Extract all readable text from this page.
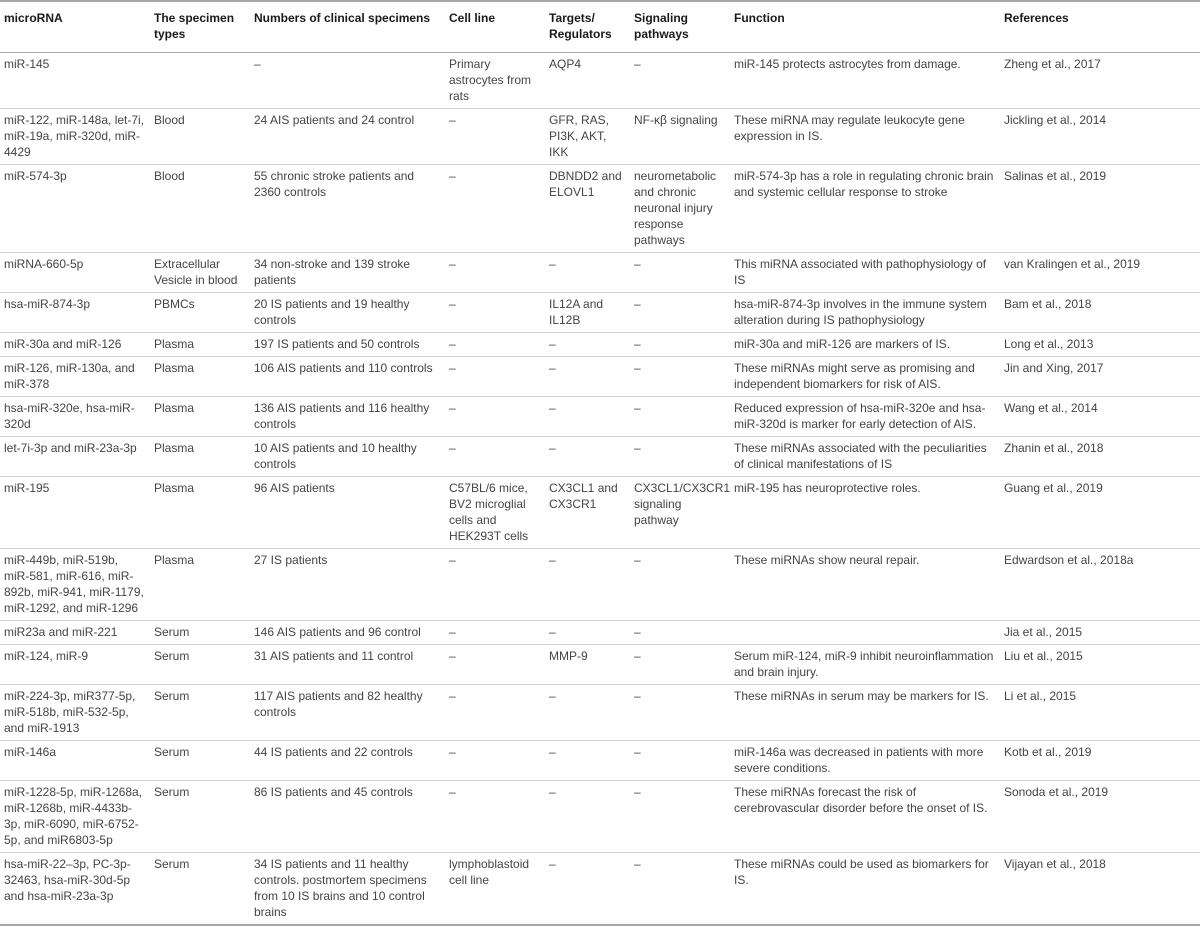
microRNA	The specimen types	Numbers of clinical specimens	Cell line	Targets/ Regulators	Signaling pathways	Function	References
miR-145		–	Primary astrocytes from rats	AQP4	–	miR-145 protects astrocytes from damage.	Zheng et al., 2017
miR-122, miR-148a, let-7i, miR-19a, miR-320d, miR-4429	Blood	24 AIS patients and 24 control	–	GFR, RAS, PI3K, AKT, IKK	NF-κβ signaling	These miRNA may regulate leukocyte gene expression in IS.	Jickling et al., 2014
miR-574-3p	Blood	55 chronic stroke patients and 2360 controls	–	DBNDD2 and ELOVL1	neurometabolic and chronic neuronal injury response pathways	miR-574-3p has a role in regulating chronic brain and systemic cellular response to stroke	Salinas et al., 2019
miRNA-660-5p	Extracellular Vesicle in blood	34 non-stroke and 139 stroke patients	–	–	–	This miRNA associated with pathophysiology of IS	van Kralingen et al., 2019
hsa-miR-874-3p	PBMCs	20 IS patients and 19 healthy controls	–	IL12A and IL12B	–	hsa-miR-874-3p involves in the immune system alteration during IS pathophysiology	Bam et al., 2018
miR-30a and miR-126	Plasma	197 IS patients and 50 controls	–	–	–	miR-30a and miR-126 are markers of IS.	Long et al., 2013
miR-126, miR-130a, and miR-378	Plasma	106 AIS patients and 110 controls	–	–	–	These miRNAs might serve as promising and independent biomarkers for risk of AIS.	Jin and Xing, 2017
hsa-miR-320e, hsa-miR-320d	Plasma	136 AIS patients and 116 healthy controls	–	–	–	Reduced expression of hsa-miR-320e and hsa-miR-320d is marker for early detection of AIS.	Wang et al., 2014
let-7i-3p and miR-23a-3p	Plasma	10 AIS patients and 10 healthy controls	–	–	–	These miRNAs associated with the peculiarities of clinical manifestations of IS	Zhanin et al., 2018
miR-195	Plasma	96 AIS patients	C57BL/6 mice, BV2 microglial cells and HEK293T cells	CX3CL1 and CX3CR1	CX3CL1/CX3CR1 signaling pathway	miR-195 has neuroprotective roles.	Guang et al., 2019
miR-449b, miR-519b, miR-581, miR-616, miR-892b, miR-941, miR-1179, miR-1292, and miR-1296	Plasma	27 IS patients	–	–	–	These miRNAs show neural repair.	Edwardson et al., 2018a
miR23a and miR-221	Serum	146 AIS patients and 96 control	–	–	–		Jia et al., 2015
miR-124, miR-9	Serum	31 AIS patients and 11 control	–	MMP-9	–	Serum miR-124, miR-9 inhibit neuroinflammation and brain injury.	Liu et al., 2015
miR-224-3p, miR377-5p, miR-518b, miR-532-5p, and miR-1913	Serum	117 AIS patients and 82 healthy controls	–	–	–	These miRNAs in serum may be markers for IS.	Li et al., 2015
miR-146a	Serum	44 IS patients and 22 controls	–	–	–	miR-146a was decreased in patients with more severe conditions.	Kotb et al., 2019
miR-1228-5p, miR-1268a, miR-1268b, miR-4433b-3p, miR-6090, miR-6752-5p, and miR6803-5p	Serum	86 IS patients and 45 controls	–	–	–	These miRNAs forecast the risk of cerebrovascular disorder before the onset of IS.	Sonoda et al., 2019
hsa-miR-22–3p, PC-3p-32463, hsa-miR-30d-5p and hsa-miR-23a-3p	Serum	34 IS patients and 11 healthy controls. postmortem specimens from 10 IS brains and 10 control brains	lymphoblastoid cell line	–	–	These miRNAs could be used as biomarkers for IS.	Vijayan et al., 2018
